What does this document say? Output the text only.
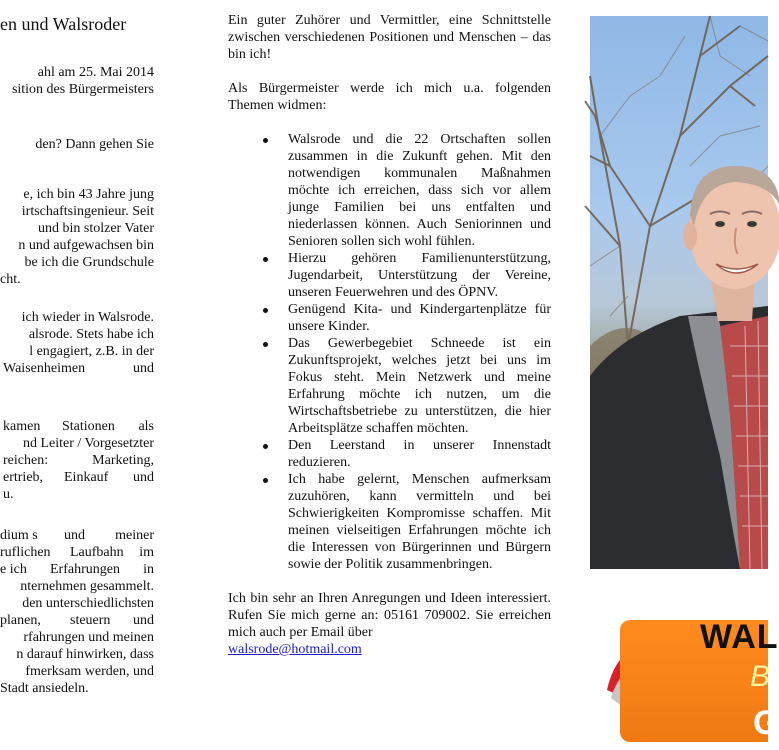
en und Walsroder
ahl am 25. Mai 2014
sition des Bürgermeisters
den? Dann gehen Sie
e, ich bin 43 Jahre jung
irtschaftsingenieur. Seit
und bin stolzer Vater
n und aufgewachsen bin
be ich die Grundschule
cht.
ich wieder in Walsrode.
alsrode. Stets habe ich
l engagiert, z.B. in der
Waisenheimen	und
kamen Stationen als
nd Leiter / Vorgesetzter
reichen:	Marketing,
ertrieb, Einkauf und
u.
dium s und meiner
ruflichen Laufbahn im
e ich Erfahrungen in
nternehmen gesammelt.
den unterschiedlichsten
planen, steuern und
rfahrungen und meinen
n darauf hinwirken, dass
fmerksam werden, und
Stadt ansiedeln.

Ein guter Zuhörer und Vermittler, eine Schnittstelle zwischen verschiedenen Positionen und Menschen – das bin ich!

Als Bürgermeister werde ich mich u.a. folgenden Themen widmen:

Walsrode und die 22 Ortschaften sollen zusammen in die Zukunft gehen. Mit den notwendigen kommunalen Maßnahmen möchte ich erreichen, dass sich vor allem junge Familien bei uns entfalten und niederlassen können. Auch Seniorinnen und Senioren sollen sich wohl fühlen.
Hierzu gehören Familienunterstützung, Jugendarbeit, Unterstützung der Vereine, unseren Feuerwehren und des ÖPNV.
Genügend Kita- und Kindergartenplätze für unsere Kinder.
Das Gewerbegebiet Schneede ist ein Zukunftsprojekt, welches jetzt bei uns im Fokus steht. Mein Netzwerk und meine Erfahrung möchte ich nutzen, um die Wirtschaftsbetriebe zu unterstützen, die hier Arbeitsplätze schaffen möchten.
Den Leerstand in unserer Innenstadt reduzieren.
Ich habe gelernt, Menschen aufmerksam zuzuhören, kann vermitteln und bei Schwierigkeiten Kompromisse schaffen. Mit meinen vielseitigen Erfahrungen möchte ich die Interessen von Bürgerinnen und Bürgern sowie der Politik zusammenbringen.

Ich bin sehr an Ihren Anregungen und Ideen interessiert. Rufen Sie mich gerne an: 05161 709002. Sie erreichen mich auch per Email über
walsrode@hotmail.com	WAL
B
G
